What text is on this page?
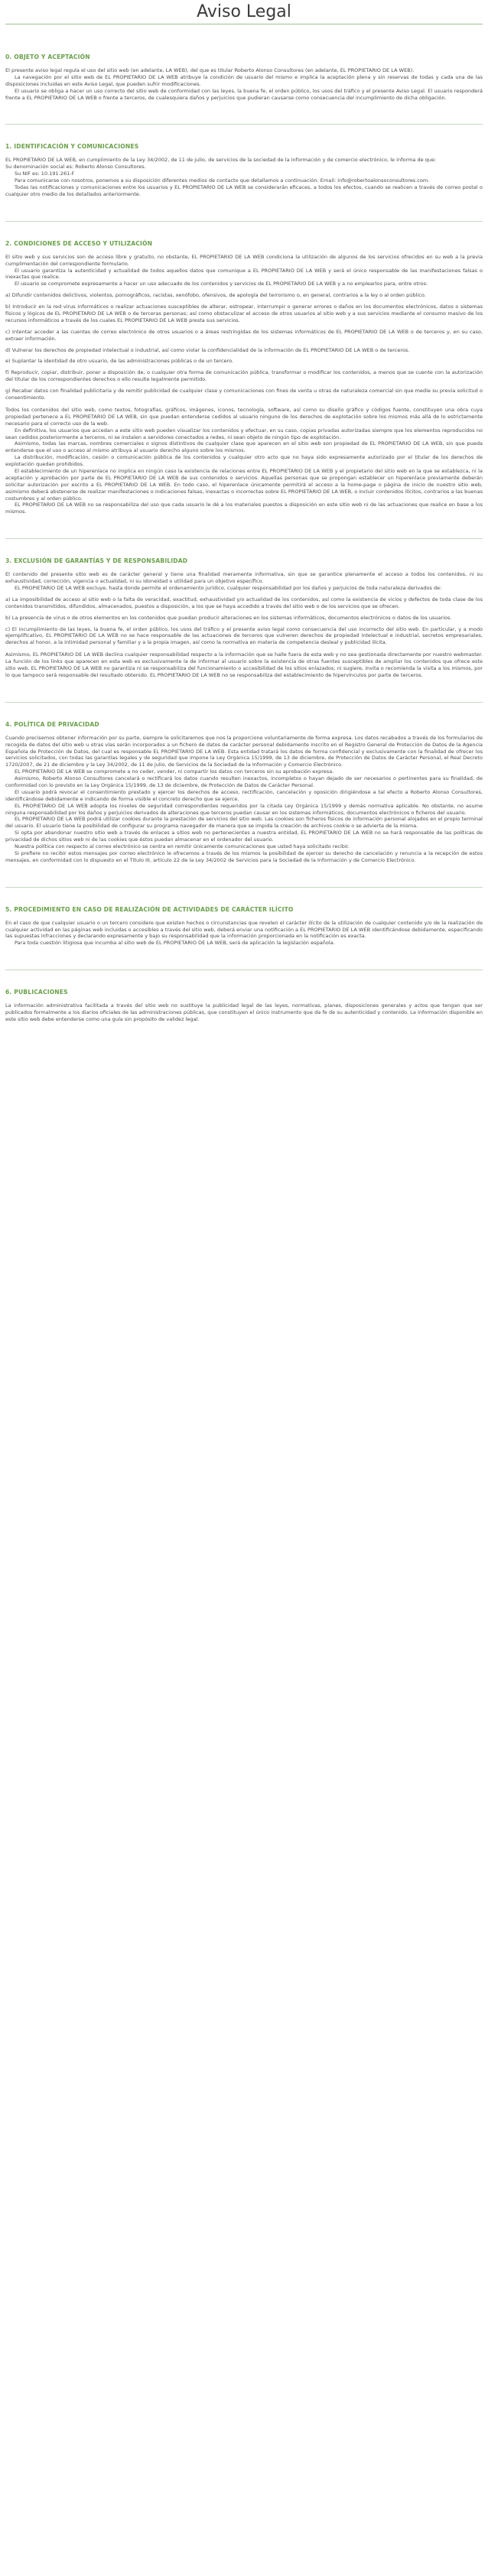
Aviso Legal
0. OBJETO Y ACEPTACIÓN

El presente aviso legal regula el uso del sitio web (en adelante, LA WEB), del que es titular Roberto Alonso Consultores (en adelante, EL PROPIETARIO DE LA WEB).

La navegación por el sitio web de EL PROPIETARIO DE LA WEB atribuye la condición de usuario del mismo e implica la aceptación plena y sin reservas de todas y cada una de las disposiciones incluidas en este Aviso Legal, que pueden sufrir modificaciones.

El usuario se obliga a hacer un uso correcto del sitio web de conformidad con las leyes, la buena fe, el orden público, los usos del tráfico y el presente Aviso Legal. El usuario responderá frente a EL PROPIETARIO DE LA WEB o frente a terceros, de cualesquiera daños y perjuicios que pudieran causarse como consecuencia del incumplimiento de dicha obligación.

1. IDENTIFICACIÓN Y COMUNICACIONES

EL PROPIETARIO DE LA WEB, en cumplimiento de la Ley 34/2002, de 11 de julio, de servicios de la sociedad de la información y de comercio electrónico, le informa de que:

Su denominación social es: Roberto Alonso Consultores.

Su NIF es: 10.191.261-F

Para comunicarse con nosotros, ponemos a su disposición diferentes medios de contacto que detallamos a continuación: Email: info@robertoalonsoconsultores.com.

Todas las notificaciones y comunicaciones entre los usuarios y EL PROPIETARIO DE LA WEB se considerarán eficaces, a todos los efectos, cuando se realicen a través de correo postal o cualquier otro medio de los detallados anteriormente.

2. CONDICIONES DE ACCESO Y UTILIZACIÓN

El sitio web y sus servicios son de acceso libre y gratuito, no obstante, EL PROPIETARIO DE LA WEB condiciona la utilización de algunos de los servicios ofrecidos en su web a la previa cumplimentación del correspondiente formulario.

El usuario garantiza la autenticidad y actualidad de todos aquellos datos que comunique a EL PROPIETARIO DE LA WEB y será el único responsable de las manifestaciones falsas o inexactas que realice.

El usuario se compromete expresamente a hacer un uso adecuado de los contenidos y servicios de EL PROPIETARIO DE LA WEB y a no emplearlos para, entre otros:

a) Difundir contenidos delictivos, violentos, pornográficos, racistas, xenófobo, ofensivos, de apología del terrorismo o, en general, contrarios a la ley o al orden público.

b) Introducir en la red virus informáticos o realizar actuaciones susceptibles de alterar, estropear, interrumpir o generar errores o daños en los documentos electrónicos, datos o sistemas físicos y lógicos de EL PROPIETARIO DE LA WEB o de terceras personas; así como obstaculizar el acceso de otros usuarios al sitio web y a sus servicios mediante el consumo masivo de los recursos informáticos a través de los cuales EL PROPIETARIO DE LA WEB presta sus servicios.

c) Intentar acceder a las cuentas de correo electrónico de otros usuarios o a áreas restringidas de los sistemas informáticos de EL PROPIETARIO DE LA WEB o de terceros y, en su caso, extraer información.

d) Vulnerar los derechos de propiedad intelectual o industrial, así como violar la confidencialidad de la información de EL PROPIETARIO DE LA WEB o de terceros.

e) Suplantar la identidad de otro usuario, de las administraciones públicas o de un tercero.

f) Reproducir, copiar, distribuir, poner a disposición de, o cualquier otra forma de comunicación pública, transformar o modificar los contenidos, a menos que se cuente con la autorización del titular de los correspondientes derechos o ello resulte legalmente permitido.

g) Recabar datos con finalidad publicitaria y de remitir publicidad de cualquier clase y comunicaciones con fines de venta u otras de naturaleza comercial sin que medie su previa solicitud o consentimiento.

Todos los contenidos del sitio web, como textos, fotografías, gráficos, imágenes, iconos, tecnología, software, así como su diseño gráfico y códigos fuente, constituyen una obra cuya propiedad pertenece a EL PROPIETARIO DE LA WEB, sin que puedan entenderse cedidos al usuario ninguno de los derechos de explotación sobre los mismos más allá de lo estrictamente necesario para el correcto uso de la web.

En definitiva, los usuarios que accedan a este sitio web pueden visualizar los contenidos y efectuar, en su caso, copias privadas autorizadas siempre que los elementos reproducidos no sean cedidos posteriormente a terceros, ni se instalen a servidores conectados a redes, ni sean objeto de ningún tipo de explotación.

Asimismo, todas las marcas, nombres comerciales o signos distintivos de cualquier clase que aparecen en el sitio web son propiedad de EL PROPIETARIO DE LA WEB, sin que pueda entenderse que el uso o acceso al mismo atribuya al usuario derecho alguno sobre los mismos.

La distribución, modificación, cesión o comunicación pública de los contenidos y cualquier otro acto que no haya sido expresamente autorizado por el titular de los derechos de explotación quedan prohibidos.

El establecimiento de un hiperenlace no implica en ningún caso la existencia de relaciones entre EL PROPIETARIO DE LA WEB y el propietario del sitio web en la que se establezca, ni la aceptación y aprobación por parte de EL PROPIETARIO DE LA WEB de sus contenidos o servicios. Aquellas personas que se propongan establecer un hiperenlace previamente deberán solicitar autorización por escrito a EL PROPIETARIO DE LA WEB. En todo caso, el hiperenlace únicamente permitirá el acceso a la home-page o página de inicio de nuestro sitio web, asimismo deberá abstenerse de realizar manifestaciones o indicaciones falsas, inexactas o incorrectas sobre EL PROPIETARIO DE LA WEB, o incluir contenidos ilícitos, contrarios a las buenas costumbres y al orden público.

EL PROPIETARIO DE LA WEB no se responsabiliza del uso que cada usuario le dé a los materiales puestos a disposición en este sitio web ni de las actuaciones que realice en base a los mismos.

3. EXCLUSIÓN DE GARANTÍAS Y DE RESPONSABILIDAD

El contenido del presente sitio web es de carácter general y tiene una finalidad meramente informativa, sin que se garantice plenamente el acceso a todos los contenidos, ni su exhaustividad, corrección, vigencia o actualidad, ni su idoneidad o utilidad para un objetivo específico.

EL PROPIETARIO DE LA WEB excluye, hasta donde permite el ordenamiento jurídico, cualquier responsabilidad por los daños y perjuicios de toda naturaleza derivados de:

a) La imposibilidad de acceso al sitio web o la falta de veracidad, exactitud, exhaustividad y/o actualidad de los contenidos, así como la existencia de vicios y defectos de toda clase de los contenidos transmitidos, difundidos, almacenados, puestos a disposición, a los que se haya accedido a través del sitio web o de los servicios que se ofrecen.

b) La presencia de virus o de otros elementos en los contenidos que puedan producir alteraciones en los sistemas informáticos, documentos electrónicos o datos de los usuarios.

c) El incumplimiento de las leyes, la buena fe, el orden público, los usos del tráfico y el presente aviso legal como consecuencia del uso incorrecto del sitio web. En particular, y a modo ejemplificativo, EL PROPIETARIO DE LA WEB no se hace responsable de las actuaciones de terceros que vulneren derechos de propiedad intelectual e industrial, secretos empresariales, derechos al honor, a la intimidad personal y familiar y a la propia imagen, así como la normativa en materia de competencia desleal y publicidad ilícita.

Asimismo, EL PROPIETARIO DE LA WEB declina cualquier responsabilidad respecto a la información que se halle fuera de esta web y no sea gestionada directamente por nuestro webmaster. La función de los links que aparecen en esta web es exclusivamente la de informar al usuario sobre la existencia de otras fuentes susceptibles de ampliar los contenidos que ofrece este sitio web. EL PROPIETARIO DE LA WEB no garantiza ni se responsabiliza del funcionamiento o accesibilidad de los sitios enlazados; ni sugiere, invita o recomienda la visita a los mismos, por lo que tampoco será responsable del resultado obtenido. EL PROPIETARIO DE LA WEB no se responsabiliza del establecimiento de hipervínculos por parte de terceros.

4. POLÍTICA DE PRIVACIDAD

Cuando precisemos obtener información por su parte, siempre le solicitaremos que nos la proporcione voluntariamente de forma expresa. Los datos recabados a través de los formularios de recogida de datos del sitio web u otras vías serán incorporados a un fichero de datos de carácter personal debidamente inscrito en el Registro General de Protección de Datos de la Agencia Española de Protección de Datos, del cual es responsable EL PROPIETARIO DE LA WEB. Esta entidad tratará los datos de forma confidencial y exclusivamente con la finalidad de ofrecer los servicios solicitados, con todas las garantías legales y de seguridad que impone la Ley Orgánica 15/1999, de 13 de diciembre, de Protección de Datos de Carácter Personal, el Real Decreto 1720/2007, de 21 de diciembre y la Ley 34/2002, de 11 de julio, de Servicios de la Sociedad de la Información y Comercio Electrónico.

EL PROPIETARIO DE LA WEB se compromete a no ceder, vender, ni compartir los datos con terceros sin su aprobación expresa.

Asimismo, Roberto Alonso Consultores cancelará o rectificará los datos cuando resulten inexactos, incompletos o hayan dejado de ser necesarios o pertinentes para su finalidad, de conformidad con lo previsto en la Ley Orgánica 15/1999, de 13 de diciembre, de Protección de Datos de Carácter Personal.

El usuario podrá revocar el consentimiento prestado y ejercer los derechos de acceso, rectificación, cancelación y oposición dirigiéndose a tal efecto a Roberto Alonso Consultores, identificándose debidamente e indicando de forma visible el concreto derecho que se ejerce.

EL PROPIETARIO DE LA WEB adopta los niveles de seguridad correspondientes requeridos por la citada Ley Orgánica 15/1999 y demás normativa aplicable. No obstante, no asume ninguna responsabilidad por los daños y perjuicios derivados de alteraciones que terceros puedan causar en los sistemas informáticos, documentos electrónicos o ficheros del usuario.

EL PROPIETARIO DE LA WEB podrá utilizar cookies durante la prestación de servicios del sitio web. Las cookies son ficheros físicos de información personal alojados en el propio terminal del usuario. El usuario tiene la posibilidad de configurar su programa navegador de manera que se impida la creación de archivos cookie o se advierta de la misma.

Si opta por abandonar nuestro sitio web a través de enlaces a sitios web no pertenecientes a nuestra entidad, EL PROPIETARIO DE LA WEB no se hará responsable de las políticas de privacidad de dichos sitios web ni de las cookies que éstos puedan almacenar en el ordenador del usuario.

Nuestra política con respecto al correo electrónico se centra en remitir únicamente comunicaciones que usted haya solicitado recibir.

Si prefiere no recibir estos mensajes por correo electrónico le ofrecemos a través de los mismos la posibilidad de ejercer su derecho de cancelación y renuncia a la recepción de estos mensajes, en conformidad con lo dispuesto en el Título III, artículo 22 de la Ley 34/2002 de Servicios para la Sociedad de la Información y de Comercio Electrónico.

5. PROCEDIMIENTO EN CASO DE REALIZACIÓN DE ACTIVIDADES DE CARÁCTER ILÍCITO

En el caso de que cualquier usuario o un tercero considere que existen hechos o circunstancias que revelen el carácter ilícito de la utilización de cualquier contenido y/o de la realización de cualquier actividad en las páginas web incluidas o accesibles a través del sitio web, deberá enviar una notificación a EL PROPIETARIO DE LA WEB identificándose debidamente, especificando las supuestas infracciones y declarando expresamente y bajo su responsabilidad que la información proporcionada en la notificación es exacta.

Para toda cuestión litigiosa que incumba al sitio web de EL PROPIETARIO DE LA WEB, será de aplicación la legislación española.

6. PUBLICACIONES

La información administrativa facilitada a través del sitio web no sustituye la publicidad legal de las leyes, normativas, planes, disposiciones generales y actos que tengan que ser publicados formalmente a los diarios oficiales de las administraciones públicas, que constituyen el único instrumento que da fe de su autenticidad y contenido. La información disponible en este sitio web debe entenderse como una guía sin propósito de validez legal.
